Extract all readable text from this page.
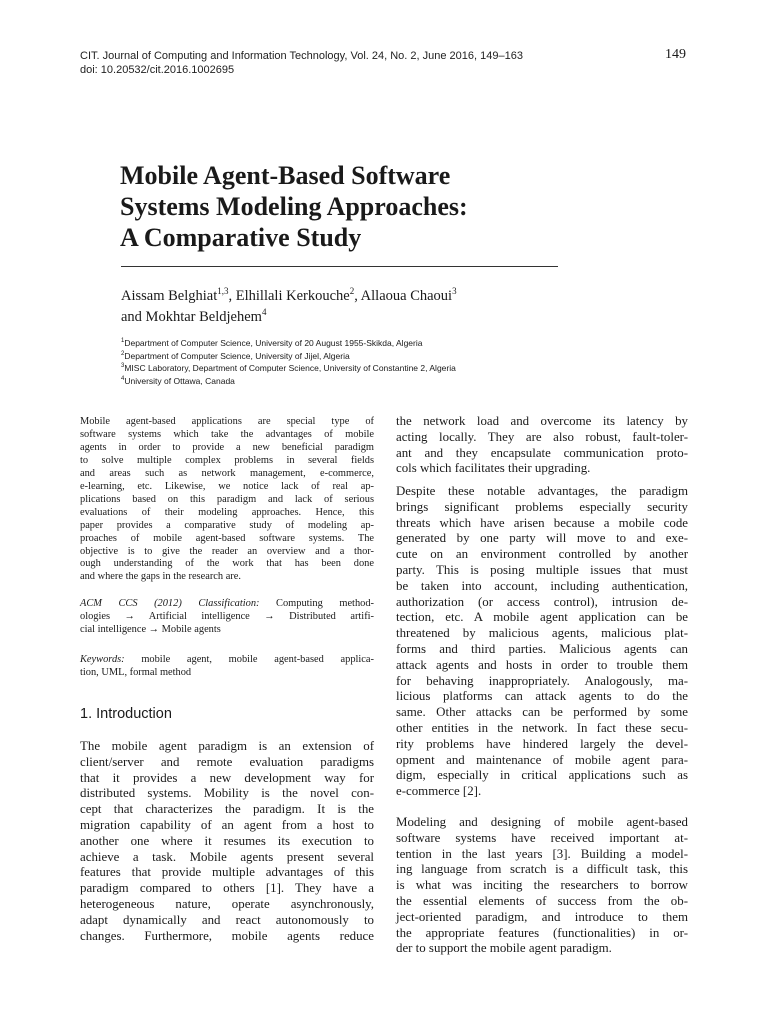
CIT. Journal of Computing and Information Technology, Vol. 24, No. 2, June 2016, 149–163
doi: 10.20532/cit.2016.1002695
149
Mobile Agent-Based Software
Systems Modeling Approaches:
A Comparative Study
Aissam Belghiat$^{1,3}$, Elhillali Kerkouche$^2$, Allaoua Chaoui$^3$
and Mokhtar Beldjehem$^4$
$^1$Department of Computer Science, University of 20 August 1955-Skikda, Algeria
$^2$Department of Computer Science, University of Jijel, Algeria
$^3$MISC Laboratory, Department of Computer Science, University of Constantine 2, Algeria
$^4$University of Ottawa, Canada
Mobile agent-based applications are special type of
software systems which take the advantages of mobile
agents in order to provide a new beneficial paradigm
to solve multiple complex problems in several fields
and areas such as network management, e-commerce,
e-learning, etc. Likewise, we notice lack of real ap-
plications based on this paradigm and lack of serious
evaluations of their modeling approaches. Hence, this
paper provides a comparative study of modeling ap-
proaches of mobile agent-based software systems. The
objective is to give the reader an overview and a thor-
ough understanding of the work that has been done
and where the gaps in the research are.
ACM CCS (2012) Classification: Computing method-
ologies → Artificial intelligence → Distributed artifi-
cial intelligence → Mobile agents
Keywords: mobile agent, mobile agent-based applica-
tion, UML, formal method
1. Introduction
The mobile agent paradigm is an extension of
client/server and remote evaluation paradigms
that it provides a new development way for
distributed systems. Mobility is the novel con-
cept that characterizes the paradigm. It is the
migration capability of an agent from a host to
another one where it resumes its execution to
achieve a task. Mobile agents present several
features that provide multiple advantages of this
paradigm compared to others [1]. They have a
heterogeneous nature, operate asynchronously,
adapt dynamically and react autonomously to
changes. Furthermore, mobile agents reduce
the network load and overcome its latency by
acting locally. They are also robust, fault-toler-
ant and they encapsulate communication proto-
cols which facilitates their upgrading.
Despite these notable advantages, the paradigm
brings significant problems especially security
threats which have arisen because a mobile code
generated by one party will move to and exe-
cute on an environment controlled by another
party. This is posing multiple issues that must
be taken into account, including authentication,
authorization (or access control), intrusion de-
tection, etc. A mobile agent application can be
threatened by malicious agents, malicious plat-
forms and third parties. Malicious agents can
attack agents and hosts in order to trouble them
for behaving inappropriately. Analogously, ma-
licious platforms can attack agents to do the
same. Other attacks can be performed by some
other entities in the network. In fact these secu-
rity problems have hindered largely the devel-
opment and maintenance of mobile agent para-
digm, especially in critical applications such as
e-commerce [2].
Modeling and designing of mobile agent-based
software systems have received important at-
tention in the last years [3]. Building a model-
ing language from scratch is a difficult task, this
is what was inciting the researchers to borrow
the essential elements of success from the ob-
ject-oriented paradigm, and introduce to them
the appropriate features (functionalities) in or-
der to support the mobile agent paradigm.
